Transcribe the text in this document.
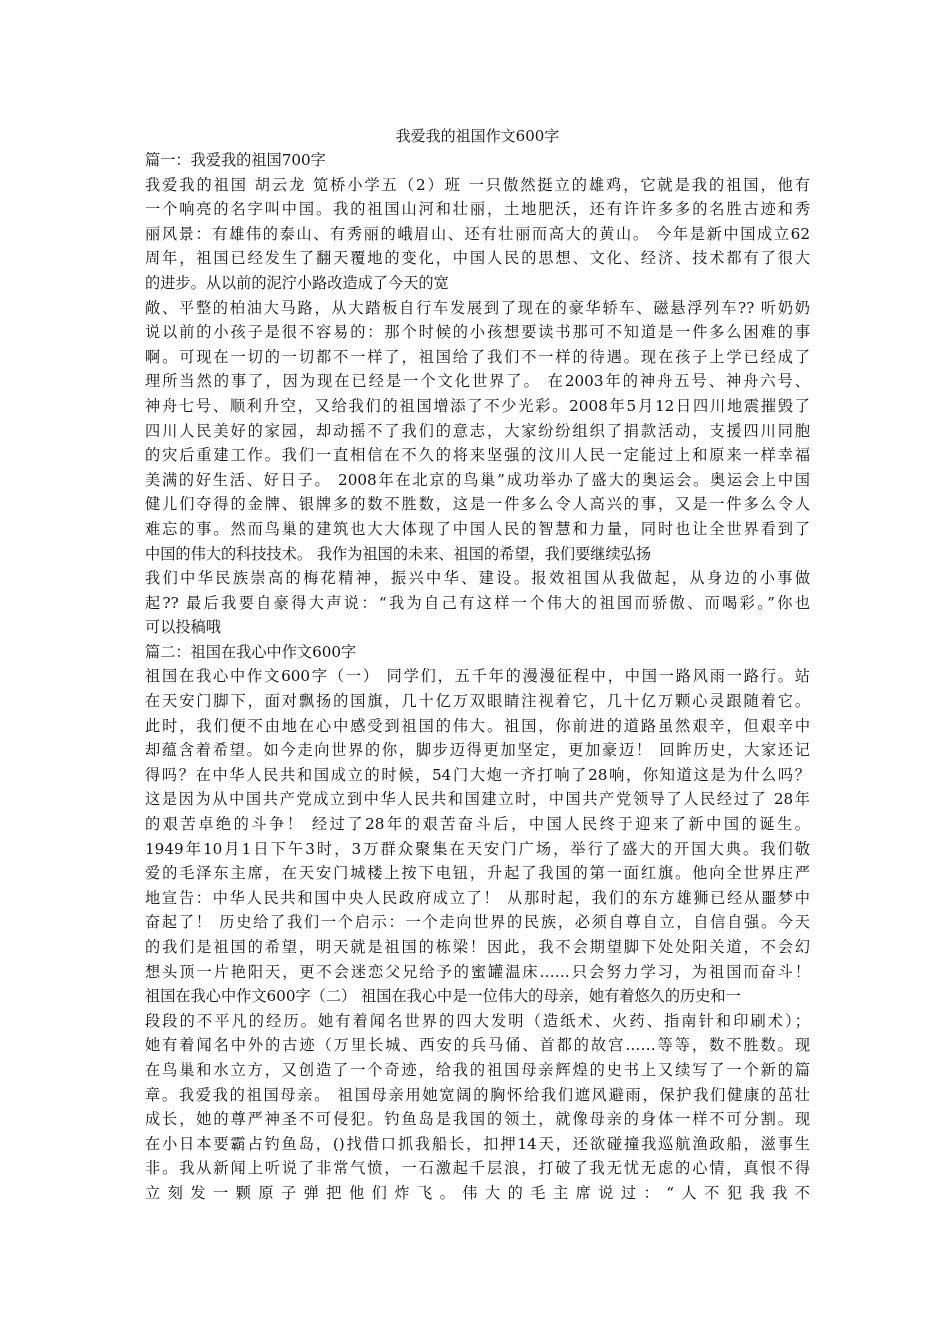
我爱我的祖国作文600字
篇一：我爱我的祖国700字
我爱我的祖国 胡云龙 笕桥小学五（2）班 一只傲然挺立的雄鸡，它就是我的祖国，他有
一个响亮的名字叫中国。我的祖国山河和壮丽，土地肥沃，还有许许多多的名胜古迹和秀
丽风景：有雄伟的泰山、有秀丽的峨眉山、还有壮丽而高大的黄山。 今年是新中国成立62
周年，祖国已经发生了翻天覆地的变化，中国人民的思想、文化、经济、技术都有了很大
的进步。从以前的泥泞小路改造成了今天的宽
敞、平整的柏油大马路，从大踏板自行车发展到了现在的豪华轿车、磁悬浮列车?? 听奶奶
说以前的小孩子是很不容易的：那个时候的小孩想要读书那可不知道是一件多么困难的事
啊。可现在一切的一切都不一样了，祖国给了我们不一样的待遇。现在孩子上学已经成了
理所当然的事了，因为现在已经是一个文化世界了。 在2003年的神舟五号、神舟六号、
神舟七号、顺利升空，又给我们的祖国增添了不少光彩。2008年5月12日四川地震摧毁了
四川人民美好的家园，却动摇不了我们的意志，大家纷纷组织了捐款活动，支援四川同胞
的灾后重建工作。我们一直相信在不久的将来坚强的汶川人民一定能过上和原来一样幸福
美满的好生活、好日子。 2008年在北京的鸟巢”成功举办了盛大的奥运会。奥运会上中国
健儿们夺得的金牌、银牌多的数不胜数，这是一件多么令人高兴的事，又是一件多么令人
难忘的事。然而鸟巢的建筑也大大体现了中国人民的智慧和力量，同时也让全世界看到了
中国的伟大的科技技术。 我作为祖国的未来、祖国的希望，我们要继续弘扬
我们中华民族崇高的梅花精神，振兴中华、建设。报效祖国从我做起，从身边的小事做
起?? 最后我要自豪得大声说：“我为自己有这样一个伟大的祖国而骄傲、而喝彩。”你也
可以投稿哦
篇二：祖国在我心中作文600字
祖国在我心中作文600字（一） 同学们，五千年的漫漫征程中，中国一路风雨一路行。站
在天安门脚下，面对飘扬的国旗，几十亿万双眼睛注视着它，几十亿万颗心灵跟随着它。
此时，我们便不由地在心中感受到祖国的伟大。祖国，你前进的道路虽然艰辛，但艰辛中
却蕴含着希望。如今走向世界的你，脚步迈得更加坚定，更加豪迈！ 回眸历史，大家还记
得吗？在中华人民共和国成立的时候，54门大炮一齐打响了28响，你知道这是为什么吗？
这是因为从中国共产党成立到中华人民共和国建立时，中国共产党领导了人民经过了 28年
的艰苦卓绝的斗争！ 经过了28年的艰苦奋斗后，中国人民终于迎来了新中国的诞生。
1949年10月1日下午3时，3万群众聚集在天安门广场，举行了盛大的开国大典。我们敬
爱的毛泽东主席，在天安门城楼上按下电钮，升起了我国的第一面红旗。他向全世界庄严
地宣告：中华人民共和国中央人民政府成立了！ 从那时起，我们的东方雄狮已经从噩梦中
奋起了！ 历史给了我们一个启示：一个走向世界的民族，必须自尊自立，自信自强。今天
的我们是祖国的希望，明天就是祖国的栋梁！因此，我不会期望脚下处处阳关道，不会幻
想头顶一片艳阳天，更不会迷恋父兄给予的蜜罐温床……只会努力学习，为祖国而奋斗！
祖国在我心中作文600字（二） 祖国在我心中是一位伟大的母亲，她有着悠久的历史和一
段段的不平凡的经历。她有着闻名世界的四大发明（造纸术、火药、指南针和印刷术）；
她有着闻名中外的古迹（万里长城、西安的兵马俑、首都的故宫……等等，数不胜数。现
在鸟巢和水立方，又创造了一个奇迹，给我的祖国母亲辉煌的史书上又续写了一个新的篇
章。我爱我的祖国母亲。 祖国母亲用她宽阔的胸怀给我们遮风避雨，保护我们健康的茁壮
成长，她的尊严神圣不可侵犯。钓鱼岛是我国的领土，就像母亲的身体一样不可分割。现
在小日本要霸占钓鱼岛，()找借口抓我船长，扣押14天，还欲碰撞我巡航渔政船，滋事生
非。我从新闻上听说了非常气愤，一石激起千层浪，打破了我无忧无虑的心情，真恨不得
立刻发一颗原子弹把他们炸飞。伟大的毛主席说过：“人不犯我我不
